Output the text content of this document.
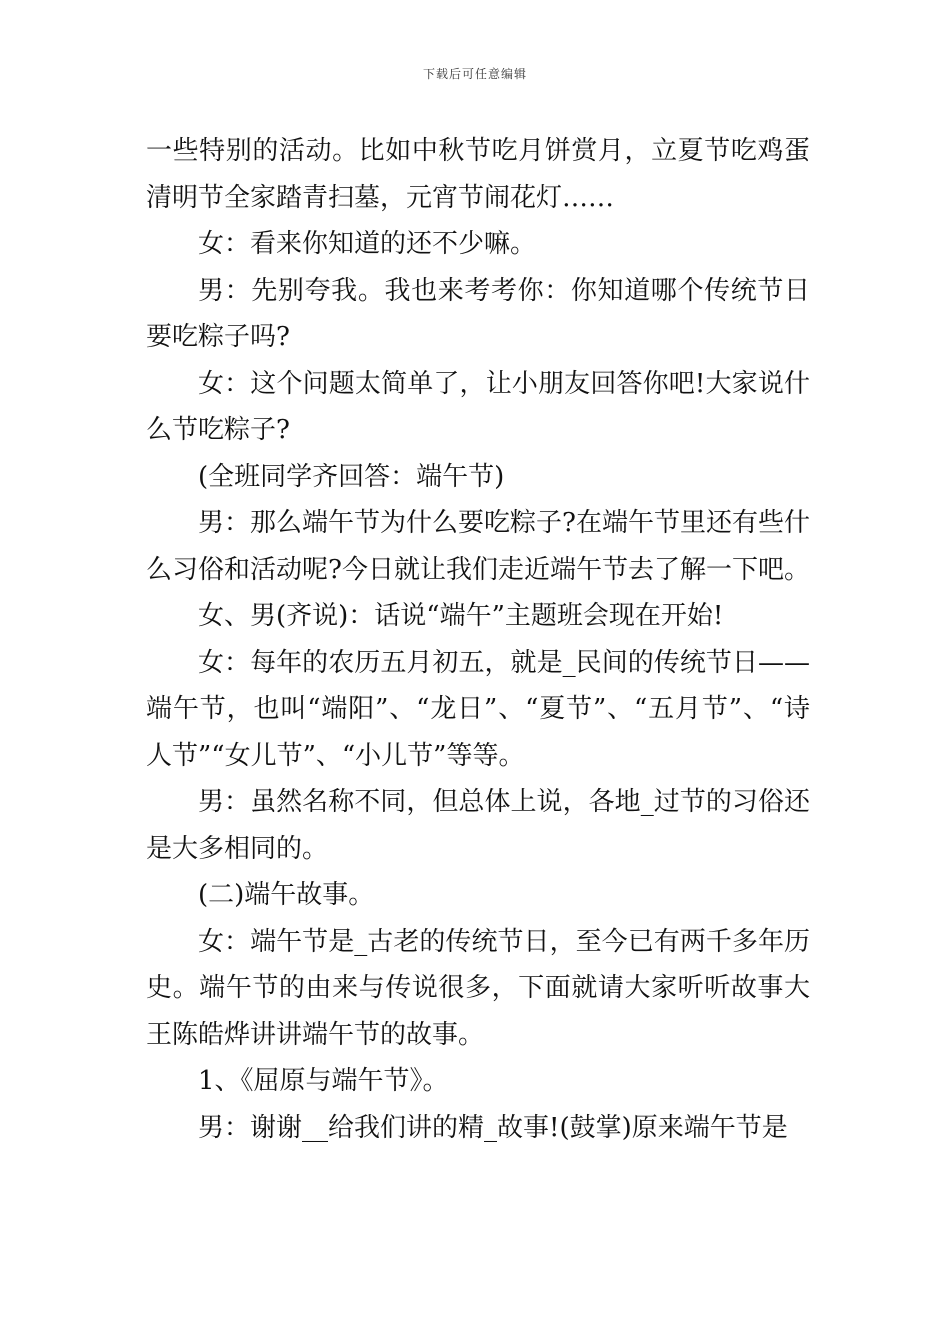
下载后可任意编辑

一些特别的活动。比如中秋节吃月饼赏月，立夏节吃鸡蛋清明节全家踏青扫墓，元宵节闹花灯……

女：看来你知道的还不少嘛。

男：先别夸我。我也来考考你：你知道哪个传统节日要吃粽子吗?

女：这个问题太简单了，让小朋友回答你吧!大家说什么节吃粽子?

(全班同学齐回答：端午节)

男：那么端午节为什么要吃粽子?在端午节里还有些什么习俗和活动呢?今日就让我们走近端午节去了解一下吧。

女、男(齐说)：话说“端午”主题班会现在开始!

女：每年的农历五月初五，就是_民间的传统节日——端午节，也叫“端阳”、“龙日”、“夏节”、“五月节”、“诗人节”“女儿节”、“小儿节”等等。

男：虽然名称不同，但总体上说，各地_过节的习俗还是大多相同的。

(二)端午故事。

女：端午节是_古老的传统节日，至今已有两千多年历史。端午节的由来与传说很多，下面就请大家听听故事大王陈皓烨讲讲端午节的故事。

1、《屈原与端午节》。

男：谢谢__给我们讲的精_故事!(鼓掌)原来端午节是
